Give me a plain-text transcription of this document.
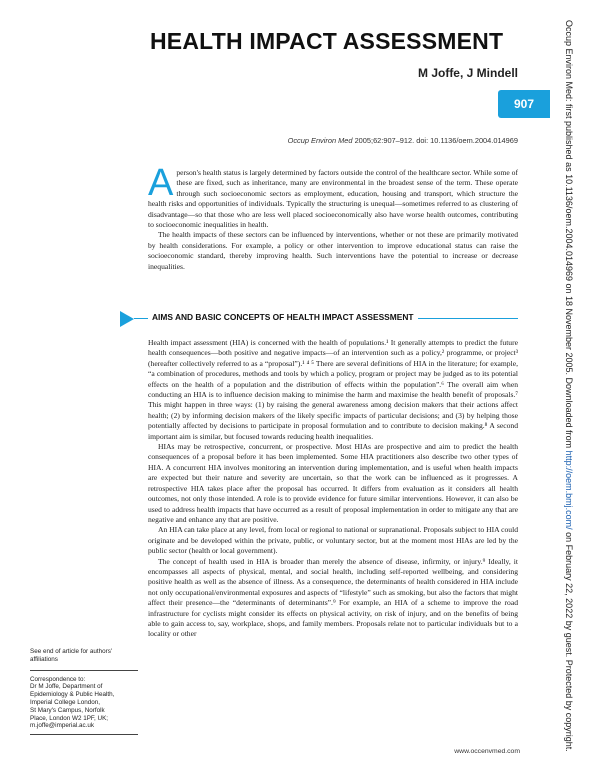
HEALTH IMPACT ASSESSMENT
M Joffe, J Mindell
907
Occup Environ Med 2005;62:907–912. doi: 10.1136/oem.2004.014969

A person's health status is largely determined by factors outside the control of the healthcare sector. While some of these are fixed, such as inheritance, many are environmental in the broadest sense of the term. These operate through such socioeconomic sectors as employment, education, housing and transport, which structure the health risks and opportunities of individuals. Typically the structuring is unequal—sometimes referred to as clustering of disadvantage—so that those who are less well placed socioeconomically also have worse health outcomes, contributing to socioeconomic inequalities in health.

The health impacts of these sectors can be influenced by interventions, whether or not these are primarily motivated by health considerations. For example, a policy or other intervention to improve educational status can raise the socioeconomic standard, thereby improving health. Such interventions have the potential to increase or decrease inequalities.

AIMS AND BASIC CONCEPTS OF HEALTH IMPACT ASSESSMENT

Health impact assessment (HIA) is concerned with the health of populations.¹ It generally attempts to predict the future health consequences—both positive and negative impacts—of an intervention such as a policy,² programme, or project³ (hereafter collectively referred to as a “proposal”).¹ ⁴ ⁵ There are several definitions of HIA in the literature; for example, “a combination of procedures, methods and tools by which a policy, program or project may be judged as to its potential effects on the health of a population and the distribution of effects within the population”.⁶ The overall aim when conducting an HIA is to influence decision making to minimise the harm and maximise the health benefit of proposals.⁷ This might happen in three ways: (1) by raising the general awareness among decision makers that their actions affect health; (2) by informing decision makers of the likely specific impacts of particular decisions; and (3) by helping those potentially affected by decisions to participate in proposal formulation and to contribute to decision making.⁸ A second important aim is similar, but focused towards reducing health inequalities.

HIAs may be retrospective, concurrent, or prospective. Most HIAs are prospective and aim to predict the health consequences of a proposal before it has been implemented. Some HIA practitioners also describe two other types of HIA. A concurrent HIA involves monitoring an intervention during implementation, and is useful when health impacts are expected but their nature and severity are uncertain, so that the work can be influenced as it progresses. A retrospective HIA takes place after the proposal has occurred. It differs from evaluation as it considers all health outcomes, not only those intended. A role is to provide evidence for future similar interventions. However, it can also be used to address health impacts that have occurred as a result of proposal implementation in order to mitigate any that are negative and enhance any that are positive.

An HIA can take place at any level, from local or regional to national or supranational. Proposals subject to HIA could originate and be developed within the private, public, or voluntary sector, but at the moment most HIAs are led by the public sector (health or local government).

The concept of health used in HIA is broader than merely the absence of disease, infirmity, or injury.⁹ Ideally, it encompasses all aspects of physical, mental, and social health, including self-reported wellbeing, and considering positive health as well as the absence of illness. As a consequence, the determinants of health considered in HIA include not only occupational/environmental exposures and aspects of “lifestyle” such as smoking, but also the factors that might affect their presence—the “determinants of determinants”.⁹ For example, an HIA of a scheme to improve the road infrastructure for cyclists might consider its effects on physical activity, on risk of injury, and on the benefits of being able to gain access to, say, workplace, shops, and family members. Proposals relate not to particular individuals but to a locality or other

See end of article for authors' affiliations
Correspondence to:
Dr M Joffe, Department of
Epidemiology & Public Health,
Imperial College London,
St Mary's Campus, Norfolk
Place, London W2 1PF, UK;
m.joffe@imperial.ac.uk
www.occenvmed.com
Occup Environ Med: first published as 10.1136/oem.2004.014969 on 18 November 2005. Downloaded from http://oem.bmj.com/ on February 22, 2022 by guest. Protected by copyright.
